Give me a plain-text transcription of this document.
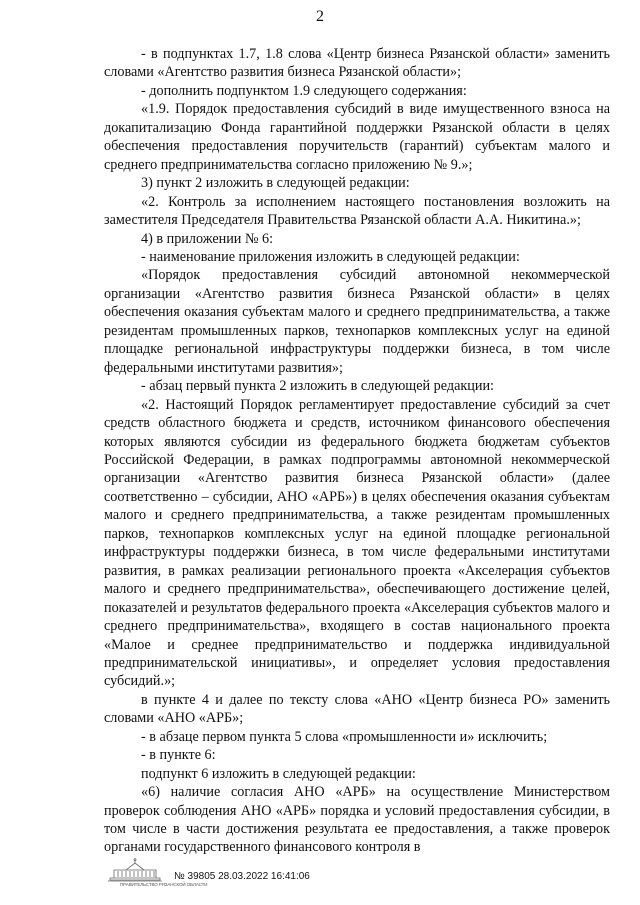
2

- в подпунктах 1.7, 1.8 слова «Центр бизнеса Рязанской области» заменить словами «Агентство развития бизнеса Рязанской области»;

- дополнить подпунктом 1.9 следующего содержания:

«1.9. Порядок предоставления субсидий в виде имущественного взноса на докапитализацию Фонда гарантийной поддержки Рязанской области в целях обеспечения предоставления поручительств (гарантий) субъектам малого и среднего предпринимательства согласно приложению № 9.»;

3) пункт 2 изложить в следующей редакции:

«2. Контроль за исполнением настоящего постановления возложить на заместителя Председателя Правительства Рязанской области А.А. Никитина.»;

4) в приложении № 6:

- наименование приложения изложить в следующей редакции:

«Порядок предоставления субсидий автономной некоммерческой организации «Агентство развития бизнеса Рязанской области» в целях обеспечения оказания субъектам малого и среднего предпринимательства, а также резидентам промышленных парков, технопарков комплексных услуг на единой площадке региональной инфраструктуры поддержки бизнеса, в том числе федеральными институтами развития»;

- абзац первый пункта 2 изложить в следующей редакции:

«2. Настоящий Порядок регламентирует предоставление субсидий за счет средств областного бюджета и средств, источником финансового обеспечения которых являются субсидии из федерального бюджета бюджетам субъектов Российской Федерации, в рамках подпрограммы автономной некоммерческой организации «Агентство развития бизнеса Рязанской области» (далее соответственно – субсидии, АНО «АРБ») в целях обеспечения оказания субъектам малого и среднего предпринимательства, а также резидентам промышленных парков, технопарков комплексных услуг на единой площадке региональной инфраструктуры поддержки бизнеса, в том числе федеральными институтами развития, в рамках реализации регионального проекта «Акселерация субъектов малого и среднего предпринимательства», обеспечивающего достижение целей, показателей и результатов федерального проекта «Акселерация субъектов малого и среднего предпринимательства», входящего в состав национального проекта «Малое и среднее предпринимательство и поддержка индивидуальной предпринимательской инициативы», и определяет условия предоставления субсидий.»;

в пункте 4 и далее по тексту слова «АНО «Центр бизнеса РО» заменить словами «АНО «АРБ»;

- в абзаце первом пункта 5 слова «промышленности и» исключить;

- в пункте 6:

подпункт 6 изложить в следующей редакции:

«6) наличие согласия АНО «АРБ» на осуществление Министерством проверок соблюдения АНО «АРБ» порядка и условий предоставления субсидии, в том числе в части достижения результата ее предоставления, а также проверок органами государственного финансового контроля в

ПРАВИТЕЛЬСТВО РЯЗАНСКОЙ ОБЛАСТИ
№ 39805 28.03.2022 16:41:06
